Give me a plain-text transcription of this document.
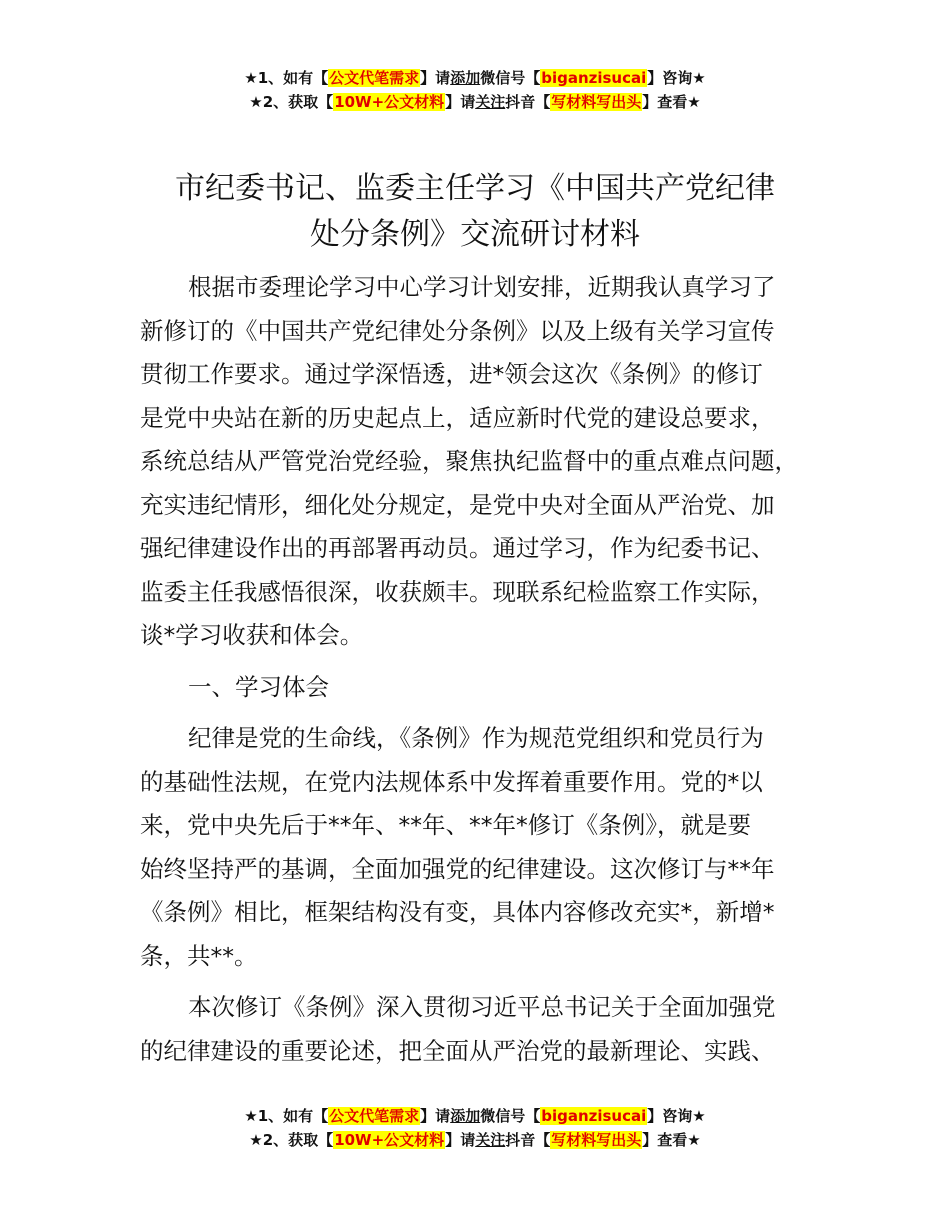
★1、如有【公文代笔需求】请添加微信号【biganzisucai】咨询★
★2、获取【10W+公文材料】请关注抖音【写材料写出头】查看★
市纪委书记、监委主任学习《中国共产党纪律
处分条例》交流研讨材料
根据市委理论学习中心学习计划安排，近期我认真学习了
新修订的《中国共产党纪律处分条例》以及上级有关学习宣传
贯彻工作要求。通过学深悟透，进*领会这次《条例》的修订
是党中央站在新的历史起点上，适应新时代党的建设总要求，
系统总结从严管党治党经验，聚焦执纪监督中的重点难点问题，
充实违纪情形，细化处分规定，是党中央对全面从严治党、加
强纪律建设作出的再部署再动员。通过学习，作为纪委书记、
监委主任我感悟很深，收获颇丰。现联系纪检监察工作实际，
谈*学习收获和体会。
一、学习体会
纪律是党的生命线，《条例》作为规范党组织和党员行为
的基础性法规，在党内法规体系中发挥着重要作用。党的*以
来，党中央先后于**年、**年、**年*修订《条例》，就是要
始终坚持严的基调，全面加强党的纪律建设。这次修订与**年
《条例》相比，框架结构没有变，具体内容修改充实*，新增*
条，共**。
本次修订《条例》深入贯彻习近平总书记关于全面加强党
的纪律建设的重要论述，把全面从严治党的最新理论、实践、
★1、如有【公文代笔需求】请添加微信号【biganzisucai】咨询★
★2、获取【10W+公文材料】请关注抖音【写材料写出头】查看★
